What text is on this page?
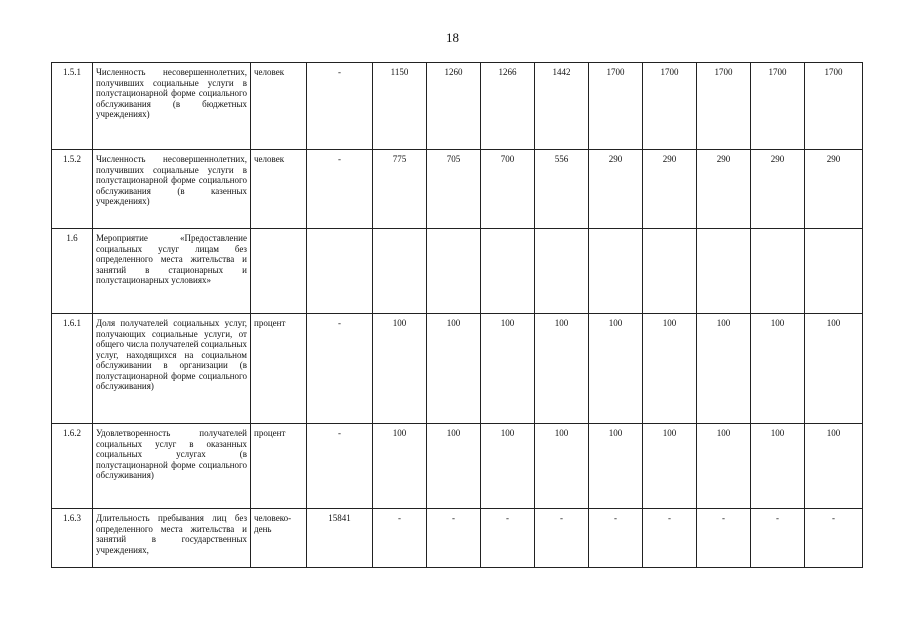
18
1.5.1	Численность несовершеннолетних, получивших социальные услуги в полустационарной форме социального обслуживания (в бюджетных учреждениях)	человек	-	1150	1260	1266	1442	1700	1700	1700	1700	1700
1.5.2	Численность несовершеннолетних, получивших социальные услуги в полустационарной форме социального обслуживания (в казенных учреждениях)	человек	-	775	705	700	556	290	290	290	290	290
1.6	Мероприятие «Предоставление социальных услуг лицам без определенного места жительства и занятий в стационарных и полустационарных условиях»											
1.6.1	Доля получателей социальных услуг, получающих социальные услуги, от общего числа получателей социальных услуг, находящихся на социальном обслуживании в организации (в полустационарной форме социального обслуживания)	процент	-	100	100	100	100	100	100	100	100	100
1.6.2	Удовлетворенность получателей социальных услуг в оказанных социальных услугах (в полустационарной форме социального обслуживания)	процент	-	100	100	100	100	100	100	100	100	100
1.6.3	Длительность пребывания лиц без определенного места жительства и занятий в государственных учреждениях,	человеко-день	15841	-	-	-	-	-	-	-	-	-
